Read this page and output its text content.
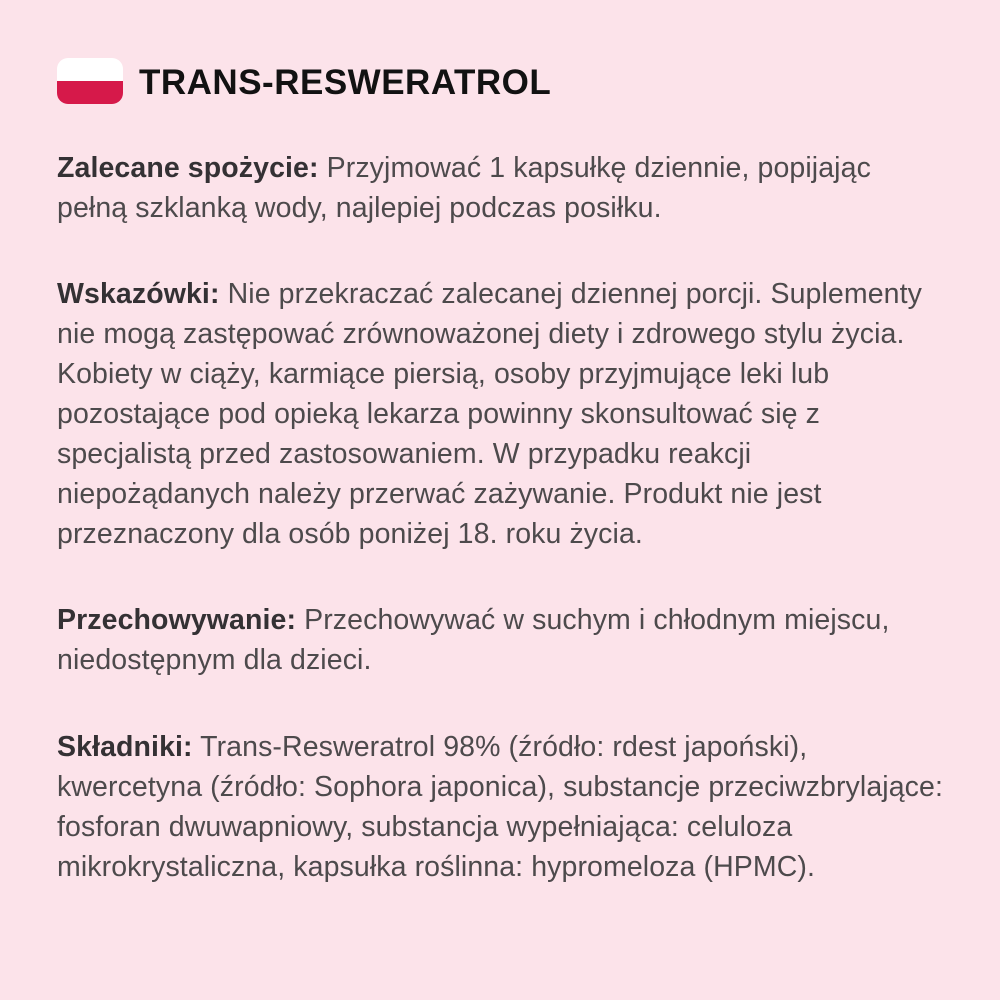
TRANS-RESWERATROL

Zalecane spożycie: Przyjmować 1 kapsułkę dziennie, popijając pełną szklanką wody, najlepiej podczas posiłku.

Wskazówki: Nie przekraczać zalecanej dziennej porcji. Suplementy nie mogą zastępować zrównoważonej diety i zdrowego stylu życia. Kobiety w ciąży, karmiące piersią, osoby przyjmujące leki lub pozostające pod opieką lekarza powinny skonsultować się z specjalistą przed zastosowaniem. W przypadku reakcji niepożądanych należy przerwać zażywanie. Produkt nie jest przeznaczony dla osób poniżej 18. roku życia.

Przechowywanie: Przechowywać w suchym i chłodnym miejscu, niedostępnym dla dzieci.

Składniki: Trans-Resweratrol 98% (źródło: rdest japoński), kwercetyna (źródło: Sophora japonica), substancje przeciwzbrylające: fosforan dwuwapniowy, substancja wypełniająca: celuloza mikrokrystaliczna, kapsułka roślinna: hypromeloza (HPMC).
